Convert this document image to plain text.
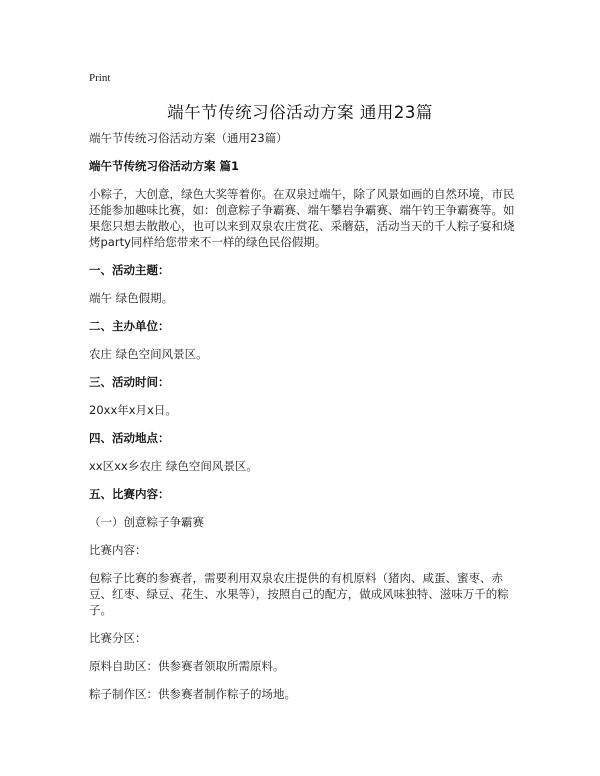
Print
端午节传统习俗活动方案 通用23篇

端午节传统习俗活动方案（通用23篇）

端午节传统习俗活动方案 篇1

小粽子，大创意，绿色大奖等着你。在双泉过端午，除了风景如画的自然环境，市民还能参加趣味比赛，如：创意粽子争霸赛、端午攀岩争霸赛、端午钓王争霸赛等。如果您只想去散散心，也可以来到双泉农庄赏花、采蘑菇，活动当天的千人粽子宴和烧烤party同样给您带来不一样的绿色民俗假期。

一、活动主题：

端午 绿色假期。

二、主办单位：

农庄 绿色空间风景区。

三、活动时间：

20xx年x月x日。

四、活动地点：

xx区xx乡农庄 绿色空间风景区。

五、比赛内容：

（一）创意粽子争霸赛

比赛内容：

包粽子比赛的参赛者，需要利用双泉农庄提供的有机原料（猪肉、咸蛋、蜜枣、赤豆、红枣、绿豆、花生、水果等），按照自己的配方，做成风味独特、滋味万千的粽子。

比赛分区：

原料自助区：供参赛者领取所需原料。

粽子制作区：供参赛者制作粽子的场地。
